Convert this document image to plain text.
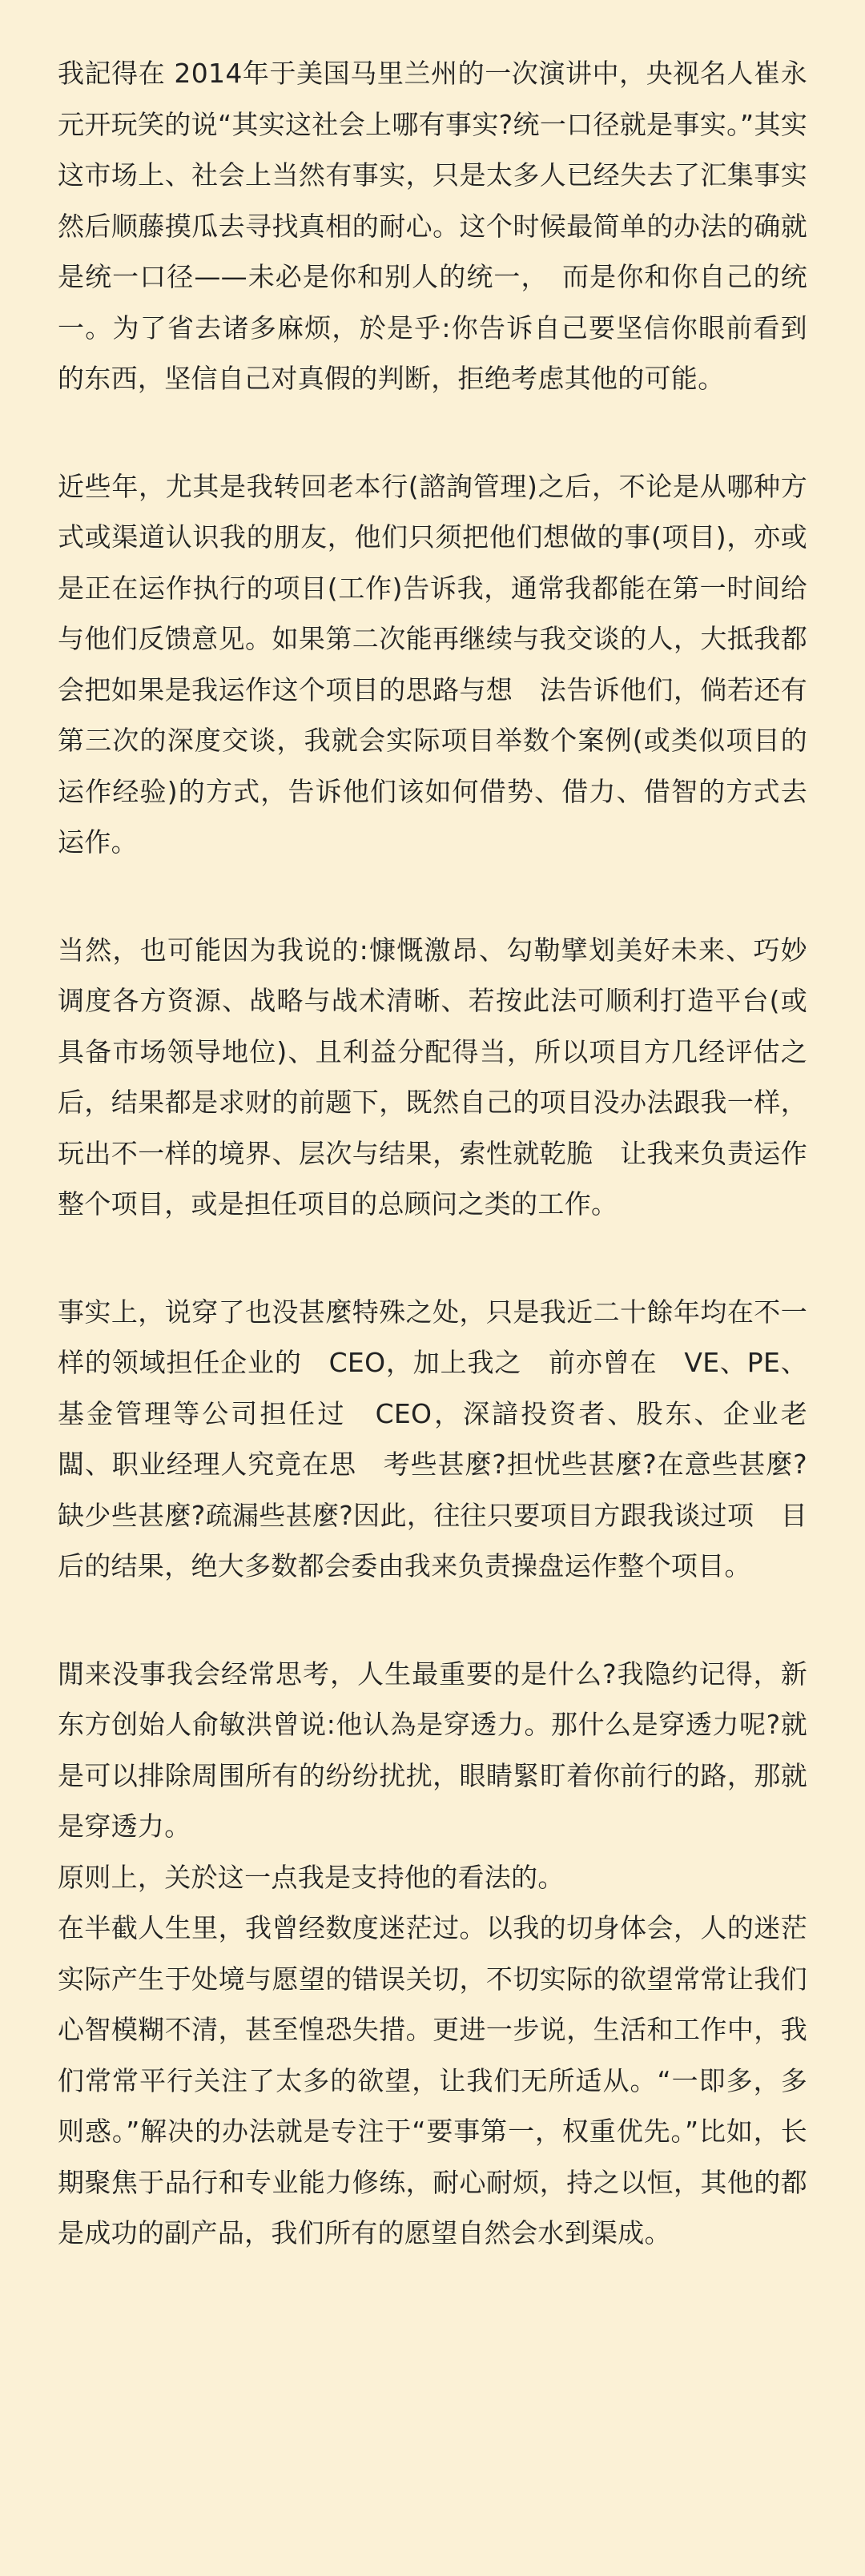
我記得在 2014年于美国马里兰州的一次演讲中，央视名人崔永元开玩笑的说“其实这社会上哪有事实?统一口径就是事实。”其实这市场上、社会上当然有事实，只是太多人已经失去了汇集事实然后顺藤摸瓜去寻找真相的耐心。这个时候最简单的办法的确就是统一口径——未必是你和别人的统一，　而是你和你自己的统一。为了省去诸多麻烦，於是乎:你告诉自己要坚信你眼前看到的东西，坚信自己对真假的判断，拒绝考虑其他的可能。

近些年，尤其是我转回老本行(諮詢管理)之后，不论是从哪种方式或渠道认识我的朋友，他们只须把他们想做的事(项目)，亦或是正在运作执行的项目(工作)告诉我，通常我都能在第一时间给与他们反馈意见。如果第二次能再继续与我交谈的人，大抵我都会把如果是我运作这个项目的思路与想　法告诉他们，倘若还有第三次的深度交谈，我就会实际项目举数个案例(或类似项目的运作经验)的方式，告诉他们该如何借势、借力、借智的方式去运作。

当然，也可能因为我说的:慷慨激昂、勾勒擘划美好未来、巧妙调度各方资源、战略与战术清晰、若按此法可顺利打造平台(或具备市场领导地位)、且利益分配得当，所以项目方几经评估之后，结果都是求财的前题下，既然自己的项目没办法跟我一样，玩出不一样的境界、层次与结果，索性就乾脆　让我来负责运作整个项目，或是担任项目的总顾问之类的工作。

事实上，说穿了也没甚麼特殊之处，只是我近二十餘年均在不一样的领域担任企业的　CEO，加上我之　前亦曾在　VE、PE、基金管理等公司担任过　CEO，深諳投资者、股东、企业老闆、职业经理人究竟在思　考些甚麼?担忧些甚麼?在意些甚麼?缺少些甚麼?疏漏些甚麼?因此，往往只要项目方跟我谈过项　目后的结果，绝大多数都会委由我来负责操盘运作整个项目。

閒来没事我会经常思考，人生最重要的是什么?我隐约记得，新东方创始人俞敏洪曾说:他认為是穿透力。那什么是穿透力呢?就是可以排除周围所有的纷纷扰扰，眼睛緊盯着你前行的路，那就是穿透力。

原则上，关於这一点我是支持他的看法的。

在半截人生里，我曾经数度迷茫过。以我的切身体会，人的迷茫实际产生于处境与愿望的错误关切，不切实际的欲望常常让我们心智模糊不清，甚至惶恐失措。更进一步说，生活和工作中，我们常常平行关注了太多的欲望，让我们无所适从。“一即多，多则惑。”解决的办法就是专注于“要事第一，权重优先。”比如，长期聚焦于品行和专业能力修练，耐心耐烦，持之以恒，其他的都是成功的副产品，我们所有的愿望自然会水到渠成。
